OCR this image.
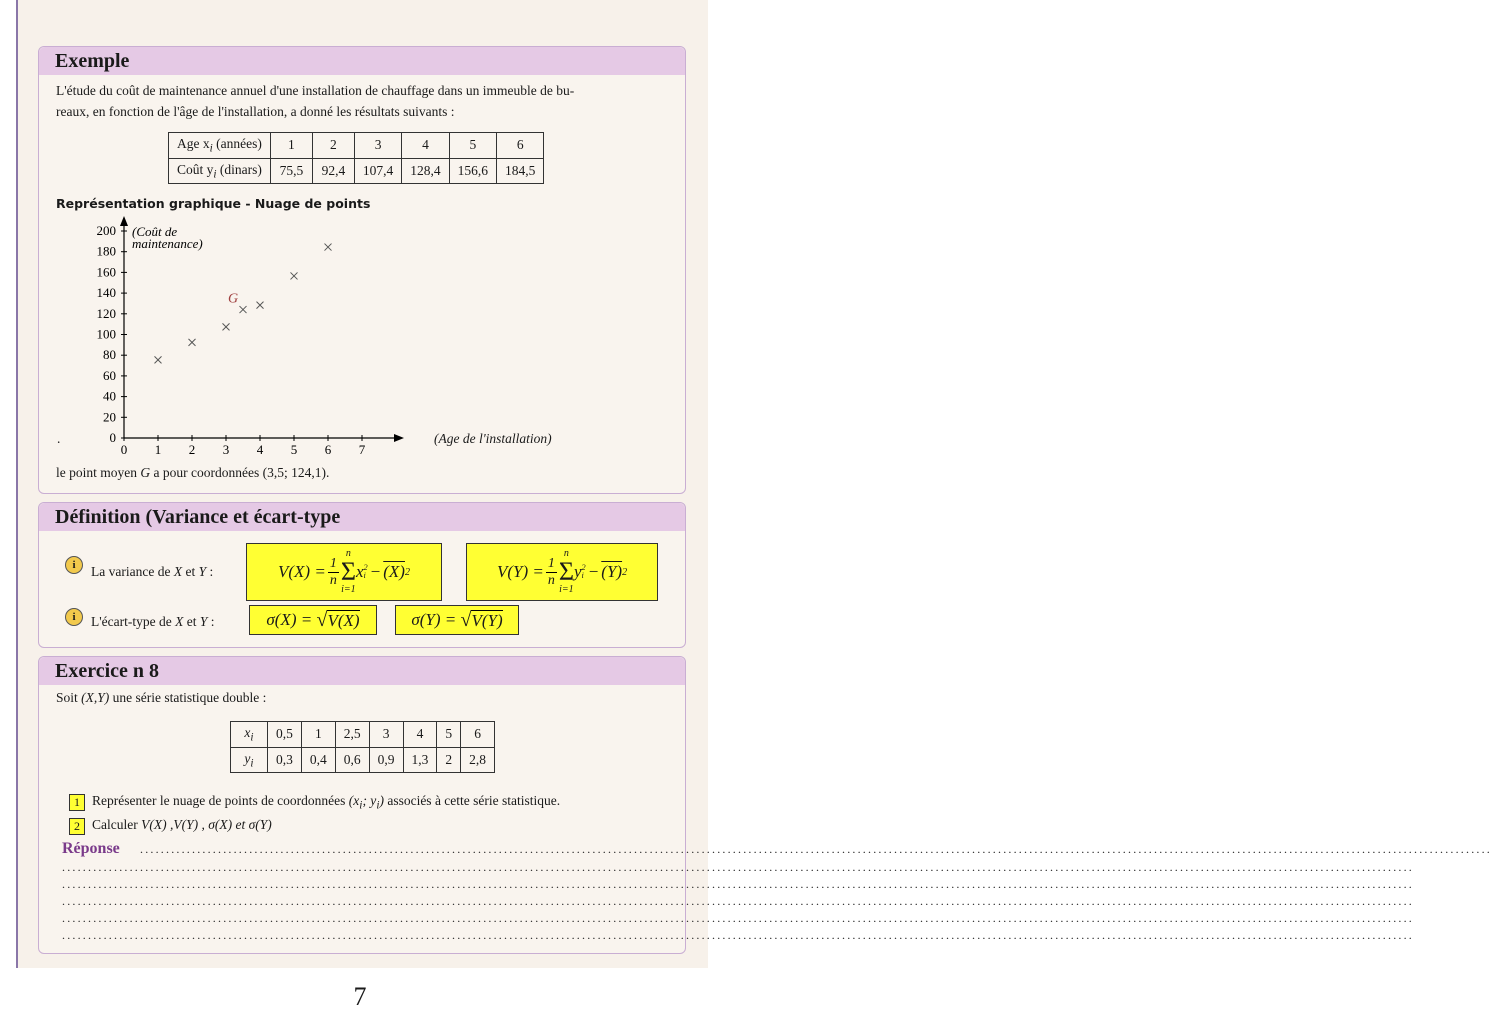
Exemple
L'étude du coût de maintenance annuel d'une installation de chauffage dans un immeuble de bu-
reaux, en fonction de l'âge de l'installation, a donné les résultats suivants :
Age $x_i$ (années)	1	2	3	4	5	6
Coût $y_i$ (dinars)	75,5	92,4	107,4	128,4	156,6	184,5
Représentation graphique - Nuage de points
0 1 2 3 4 5 6 7
0
20
40
60
80
100
120
140
160
180
200
G
(Coût de
maintenance)
(Age de l'installation)
.
le point moyen G a pour coordonnées (3,5; 124,1).
Définition (Variance et écart-type
i	La variance de X et Y :	$V(X) = \frac{1}{n}$
n
Σ
i=1
x 2
i − (X) 2	$V(Y) = \frac{1}{n}$
n
Σ
i=1
y 2
i − (Y) 2
i	L'écart-type de X et Y :	σ(X) =
√ V(X)	σ(Y) =
√ V(Y)
Exercice n 8
Soit (X,Y) une série statistique double :
$x_i$	0,5	1	2,5	3	4	5	6
$y_i$	0,3	0,4	0,6	0,9	1,3	2	2,8
1 Représenter le nuage de points de coordonnées ($x_i$; $y_i$) associés à cette série statistique.
2 Calculer V(X) ,V(Y) , σ(X) et σ(Y)
Réponse ....................................................................................................................................................................................................................................................................
....................................................................................................................................................................................................................................................................
....................................................................................................................................................................................................................................................................
....................................................................................................................................................................................................................................................................
....................................................................................................................................................................................................................................................................
....................................................................................................................................................................................................................................................................
7
